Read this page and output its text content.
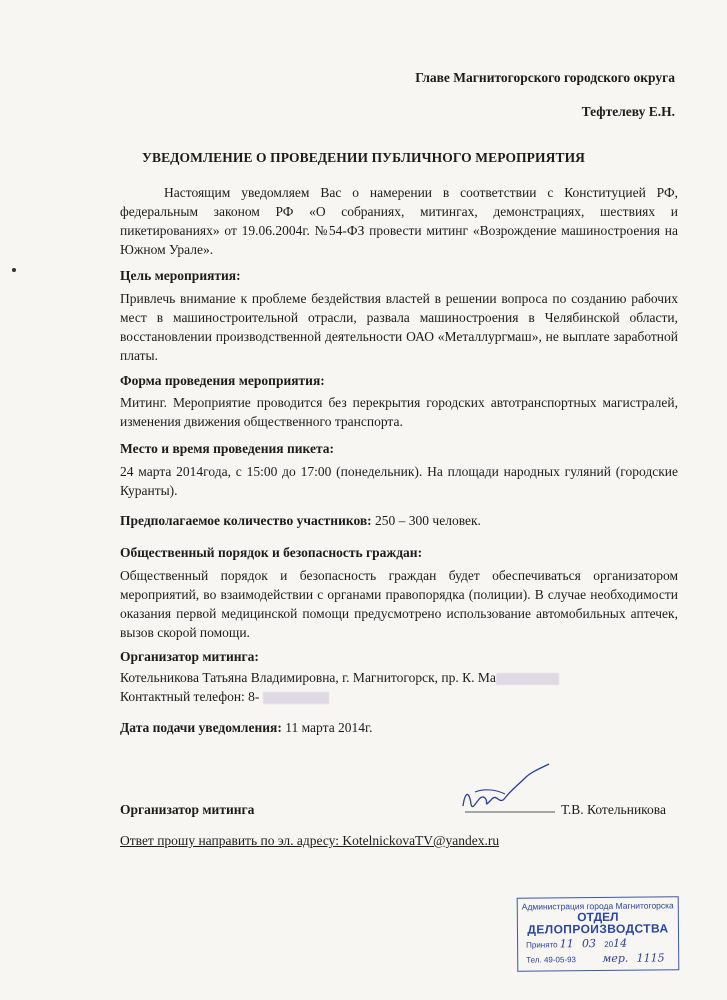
Главе Магнитогорского городского округа
Тефтелеву Е.Н.
УВЕДОМЛЕНИЕ О ПРОВЕДЕНИИ ПУБЛИЧНОГО МЕРОПРИЯТИЯ
Настоящим уведомляем Вас о намерении в соответствии с Конституцией РФ, федеральным законом РФ «О собраниях, митингах, демонстрациях, шествиях и пикетированиях» от 19.06.2004г. №54-ФЗ провести митинг «Возрождение машиностроения на Южном Урале».
Цель мероприятия:
Привлечь внимание к проблеме бездействия властей в решении вопроса по созданию рабочих мест в машиностроительной отрасли, развала машиностроения в Челябинской области, восстановлении производственной деятельности ОАО «Металлургмаш», не выплате заработной платы.
Форма проведения мероприятия:
Митинг. Мероприятие проводится без перекрытия городских автотранспортных магистралей, изменения движения общественного транспорта.
Место и время проведения пикета:
24 марта 2014года, с 15:00 до 17:00 (понедельник). На площади народных гуляний (городские Куранты).
Предполагаемое количество участников: 250 – 300 человек.
Общественный порядок и безопасность граждан:
Общественный порядок и безопасность граждан будет обеспечиваться организатором мероприятий, во взаимодействии с органами правопорядка (полиции). В случае необходимости оказания первой медицинской помощи предусмотрено использование автомобильных аптечек, вызов скорой помощи.
Организатор митинга:
Котельникова Татьяна Владимировна, г. Магнитогорск, пр. К. Ма
Контактный телефон: 8-
Дата подачи уведомления: 11 марта 2014г.
Организатор митинга	Т.В. Котельникова
Ответ прошу направить по эл. адресу: KotelnickovaTV@yandex.ru
Администрация города Магнитогорска
ОТДЕЛ
ДЕЛОПРОИЗВОДСТВА
Принято 11 03 2014
Тел. 49-05-93 мер. 1115
